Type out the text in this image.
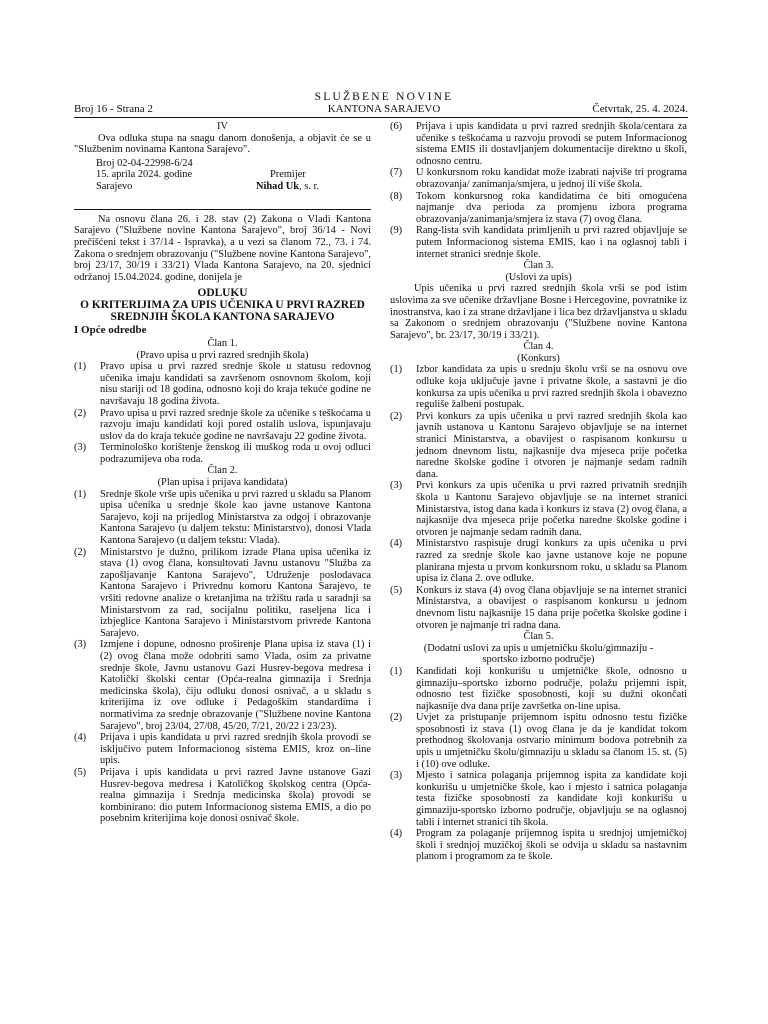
SLUŽBENE NOVINE
KANTONA SARAJEVO
Broj 16 - Strana 2	Četvrtak, 25. 4. 2024.

IV

Ova odluka stupa na snagu danom donošenja, a objavit će se u "Službenim novinama Kantona Sarajevo".

Broj 02-04-22998-6/24
15. aprila 2024. godine
Sarajevo
Premijer
Nihad Uk, s. r.

Na osnovu člana 26. i 28. stav (2) Zakona o Vladi Kantona Sarajevo ("Službene novine Kantona Sarajevo", broj 36/14 - Novi prečišćeni tekst i 37/14 - Ispravka), a u vezi sa članom 72., 73. i 74. Zakona o srednjem obrazovanju ("Službene novine Kantona Sarajevo", broj 23/17, 30/19 i 33/21) Vlada Kantona Sarajevo, na 20. sjednici održanoj 15.04.2024. godine, donijela je

ODLUKU
O KRITERIJIMA ZA UPIS UČENIKA U PRVI RAZRED
SREDNJIH ŠKOLA KANTONA SARAJEVO
I Opće odredbe

Član 1.

(Pravo upisa u prvi razred srednjih škola)

(1)	Pravo upisa u prvi razred srednje škole u statusu redovnog učenika imaju kandidati sa završenom osnovnom školom, koji nisu stariji od 18 godina, odnosno koji do kraja tekuće godine ne navršavaju 18 godina života.
(2)	Pravo upisa u prvi razred srednje škole za učenike s teškoćama u razvoju imaju kandidati koji pored ostalih uslova, ispunjavaju uslov da do kraja tekuće godine ne navršavaju 22 godine života.
(3)	Terminološko korištenje ženskog ili muškog roda u ovoj odluci podrazumijeva oba roda.

Član 2.

(Plan upisa i prijava kandidata)

(1)	Srednje škole vrše upis učenika u prvi razred u skladu sa Planom upisa učenika u srednje škole kao javne ustanove Kantona Sarajevo, koji na prijedlog Ministarstva za odgoj i obrazovanje Kantona Sarajevo (u daljem tekstu: Ministarstvo), donosi Vlada Kantona Sarajevo (u daljem tekstu: Vlada).
(2)	Ministarstvo je dužno, prilikom izrade Plana upisa učenika iz stava (1) ovog člana, konsultovati Javnu ustanovu "Služba za zapošljavanje Kantona Sarajevo", Udruženje poslodavaca Kantona Sarajevo i Privrednu komoru Kantona Sarajevo, te vršiti redovne analize o kretanjima na tržištu rada u saradnji sa Ministarstvom za rad, socijalnu politiku, raseljena lica i izbjeglice Kantona Sarajevo i Ministarstvom privrede Kantona Sarajevo.
(3)	Izmjene i dopune, odnosno proširenje Plana upisa iz stava (1) i (2) ovog člana može odobriti samo Vlada, osim za privatne srednje škole, Javnu ustanovu Gazi Husrev-begova medresa i Katolički školski centar (Opća-realna gimnazija i Srednja medicinska škola), čiju odluku donosi osnivač, a u skladu s kriterijima iz ove odluke i Pedagoškim standardima i normativima za srednje obrazovanje ("Službene novine Kantona Sarajevo", broj 23/04, 27/08, 45/20, 7/21, 20/22 i 23/23).
(4)	Prijava i upis kandidata u prvi razred srednjih škola provodi se isključivo putem Informacionog sistema EMIS, kroz on–line upis.
(5)	Prijava i upis kandidata u prvi razred Javne ustanove Gazi Husrev-begova medresa i Katoličkog školskog centra (Opća-realna gimnazija i Srednja medicinska škola) provodi se kombinirano: dio putem Informacionog sistema EMIS, a dio po posebnim kriterijima koje donosi osnivač škole.
(6)	Prijava i upis kandidata u prvi razred srednjih škola/centara za učenike s teškoćama u razvoju provodi se putem Informacionog sistema EMIS ili dostavljanjem dokumentacije direktno u školi, odnosno centru.
(7)	U konkursnom roku kandidat može izabrati najviše tri programa obrazovanja/ zanimanja/smjera, u jednoj ili više škola.
(8)	Tokom konkursnog roka kandidatima će biti omogućena najmanje dva perioda za promjenu izbora programa obrazovanja/zanimanja/smjera iz stava (7) ovog člana.
(9)	Rang-lista svih kandidata primljenih u prvi razred objavljuje se putem Informacionog sistema EMIS, kao i na oglasnoj tabli i internet stranici srednje škole.

Član 3.

(Uslovi za upis)

Upis učenika u prvi razred srednjih škola vrši se pod istim uslovima za sve učenike državljane Bosne i Hercegovine, povratnike iz inostranstva, kao i za strane državljane i lica bez državljanstva u skladu sa Zakonom o srednjem obrazovanju ("Službene novine Kantona Sarajevo", br. 23/17, 30/19 i 33/21).

Član 4.

(Konkurs)

(1)	Izbor kandidata za upis u srednju školu vrši se na osnovu ove odluke koja uključuje javne i privatne škole, a sastavni je dio konkursa za upis učenika u prvi razred srednjih škola i obavezno reguliše žalbeni postupak.
(2)	Prvi konkurs za upis učenika u prvi razred srednjih škola kao javnih ustanova u Kantonu Sarajevo objavljuje se na internet stranici Ministarstva, a obavijest o raspisanom konkursu u jednom dnevnom listu, najkasnije dva mjeseca prije početka naredne školske godine i otvoren je najmanje sedam radnih dana.
(3)	Prvi konkurs za upis učenika u prvi razred privatnih srednjih škola u Kantonu Sarajevo objavljuje se na internet stranici Ministarstva, istog dana kada i konkurs iz stava (2) ovog člana, a najkasnije dva mjeseca prije početka naredne školske godine i otvoren je najmanje sedam radnih dana.
(4)	Ministarstvo raspisuje drugi konkurs za upis učenika u prvi razred za srednje škole kao javne ustanove koje ne popune planirana mjesta u prvom konkursnom roku, u skladu sa Planom upisa iz člana 2. ove odluke.
(5)	Konkurs iz stava (4) ovog člana objavljuje se na internet stranici Ministarstva, a obavijest o raspisanom konkursu u jednom dnevnom listu najkasnije 15 dana prije početka školske godine i otvoren je najmanje tri radna dana.

Član 5.

(Dodatni uslovi za upis u umjetničku školu/gimnaziju - sportsko izborno područje)

(1)	Kandidati koji konkurišu u umjetničke škole, odnosno u gimnaziju–sportsko izborno područje, polažu prijemni ispit, odnosno test fizičke sposobnosti, koji su dužni okončati najkasnije dva dana prije završetka on-line upisa.
(2)	Uvjet za pristupanje prijemnom ispitu odnosno testu fizičke sposobnosti iz stava (1) ovog člana je da je kandidat tokom prethodnog školovanja ostvario minimum bodova potrebnih za upis u umjetničku školu/gimnaziju u skladu sa članom 15. st. (5) i (10) ove odluke.
(3)	Mjesto i satnica polaganja prijemnog ispita za kandidate koji konkurišu u umjetničke škole, kao i mjesto i satnica polaganja testa fizičke sposobnosti za kandidate koji konkurišu u gimnaziju-sportsko izborno područje, objavljuju se na oglasnoj tabli i internet stranici tih škola.
(4)	Program za polaganje prijemnog ispita u srednjoj umjetničkoj školi i srednjoj muzičkoj školi se odvija u skladu sa nastavnim planom i programom za te škole.
